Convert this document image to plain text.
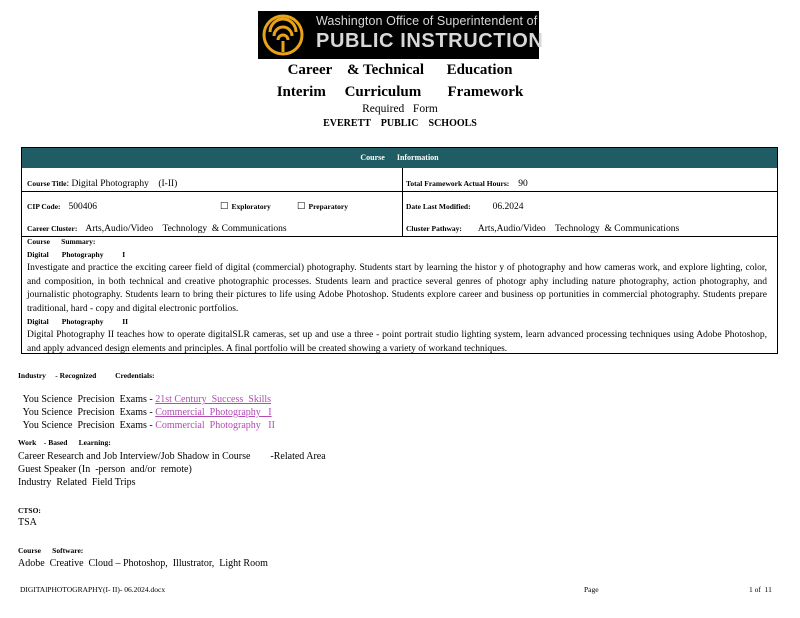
Washington Office of Superintendent of
PUBLIC INSTRUCTION
Career    & Technical      Education
Interim     Curriculum       Framework
Required   Form
EVERETT    PUBLIC    SCHOOLS
Course      Information
Course Title: Digital Photography    (I-II)	Total Framework Actual Hours: 90
CIP Code: 500406	☐ Exploratory	☐ Preparatory	Date Last Modified: 06.2024
Career Cluster: Arts,Audio/Video    Technology  & Communications	Cluster Pathway: Arts,Audio/Video    Technology  & Communications
Course      Summary:
Digital       Photography          I
Investigate and practice the exciting career field of digital (commercial) photography. Students start by learning the histor y of photography and how cameras work, and explore lighting, color, and composition, in both technical and creative photographic processes. Students learn and practice several genres of photogr aphy including nature photography, action photography, and journalistic photography. Students learn to bring their pictures to life using Adobe Photoshop. Students explore career and business op portunities in commercial photography. Students prepare traditional, hard - copy and digital electronic portfolios.
Digital       Photography          II
Digital Photography II teaches how to operate digitalSLR cameras, set up and use a three - point portrait studio lighting system, learn advanced processing techniques using Adobe Photoshop, and apply advanced design elements and principles. A final portfolio will be created showing a variety of workand techniques.
Industry     - Recognized          Credentials:

You Science  Precision  Exams - 21st Century  Success  Skills

You Science  Precision  Exams - Commercial  Photography   I

You Science  Precision  Exams - Commercial  Photography   II

Work    - Based      Learning:
Career Research and Job Interview/Job Shadow in Course        -Related Area
Guest Speaker (In  -person  and/or  remote)
Industry  Related  Field Trips
CTSO:
TSA
Course      Software:
Adobe  Creative  Cloud – Photoshop,  Illustrator,  Light Room
DIGITAlPHOTOGRAPHY(I- II)- 06.2024.docx	Page	1 of  11
